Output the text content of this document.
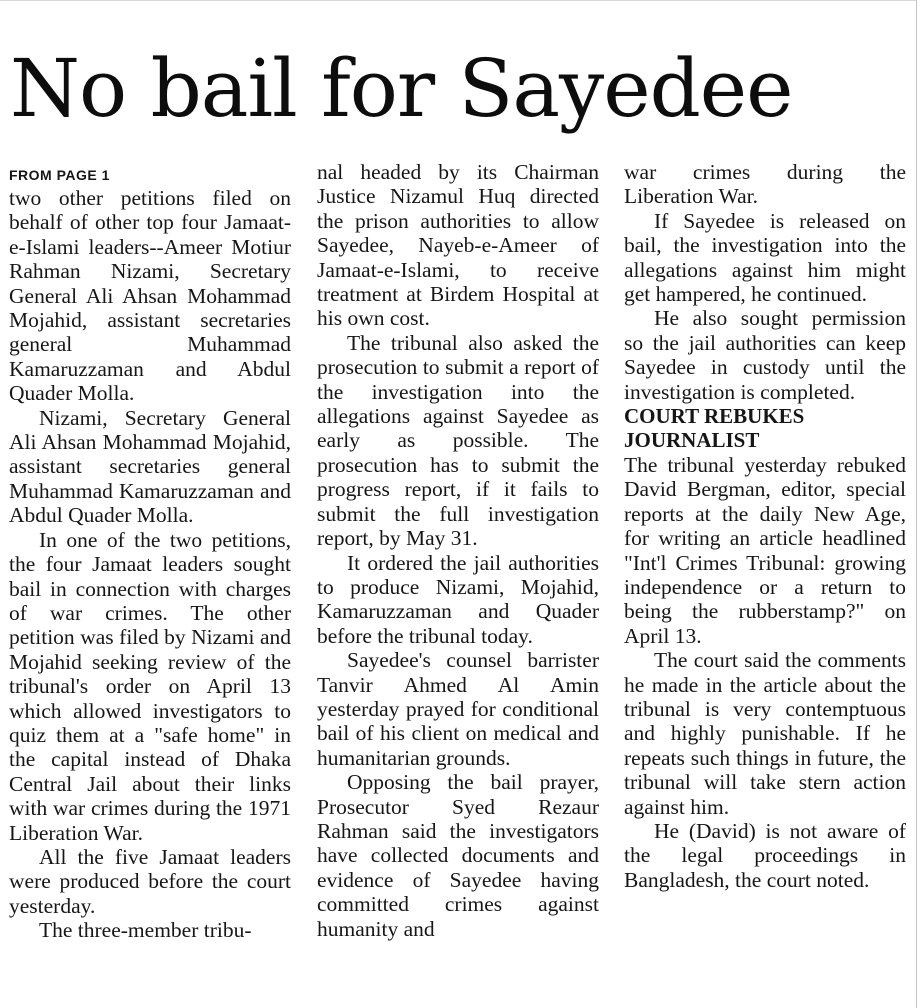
No bail for Sayedee
FROM PAGE 1

two other petitions filed on behalf of other top four Jamaat-e-Islami leaders--Ameer Motiur Rahman Nizami, Secretary General Ali Ahsan Mohammad Mojahid, assistant secretaries general Muhammad Kamaruzzaman and Abdul Quader Molla.

Nizami, Secretary General Ali Ahsan Mohammad Mojahid, assistant secretaries general Muhammad Kamaruzzaman and Abdul Quader Molla.

In one of the two petitions, the four Jamaat leaders sought bail in connection with charges of war crimes. The other petition was filed by Nizami and Mojahid seeking review of the tribunal's order on April 13 which allowed investigators to quiz them at a "safe home" in the capital instead of Dhaka Central Jail about their links with war crimes during the 1971 Liberation War.

All the five Jamaat leaders were produced before the court yesterday.

The three-member tribu-

nal headed by its Chairman Justice Nizamul Huq directed the prison authorities to allow Sayedee, Nayeb-e-Ameer of Jamaat-e-Islami, to receive treatment at Birdem Hospital at his own cost.

The tribunal also asked the prosecution to submit a report of the investigation into the allegations against Sayedee as early as possible. The prosecution has to submit the progress report, if it fails to submit the full investigation report, by May 31.

It ordered the jail authorities to produce Nizami, Mojahid, Kamaruzzaman and Quader before the tribunal today.

Sayedee's counsel barrister Tanvir Ahmed Al Amin yesterday prayed for conditional bail of his client on medical and humanitarian grounds.

Opposing the bail prayer, Prosecutor Syed Rezaur Rahman said the investigators have collected documents and evidence of Sayedee having committed crimes against humanity and

war crimes during the Liberation War.

If Sayedee is released on bail, the investigation into the allegations against him might get hampered, he continued.

He also sought permission so the jail authorities can keep Sayedee in custody until the investigation is completed.

COURT REBUKES
JOURNALIST

The tribunal yesterday rebuked David Bergman, editor, special reports at the daily New Age, for writing an article headlined "Int'l Crimes Tribunal: growing independence or a return to being the rubberstamp?" on April 13.

The court said the comments he made in the article about the tribunal is very contemptuous and highly punishable. If he repeats such things in future, the tribunal will take stern action against him.

He (David) is not aware of the legal proceedings in Bangladesh, the court noted.
